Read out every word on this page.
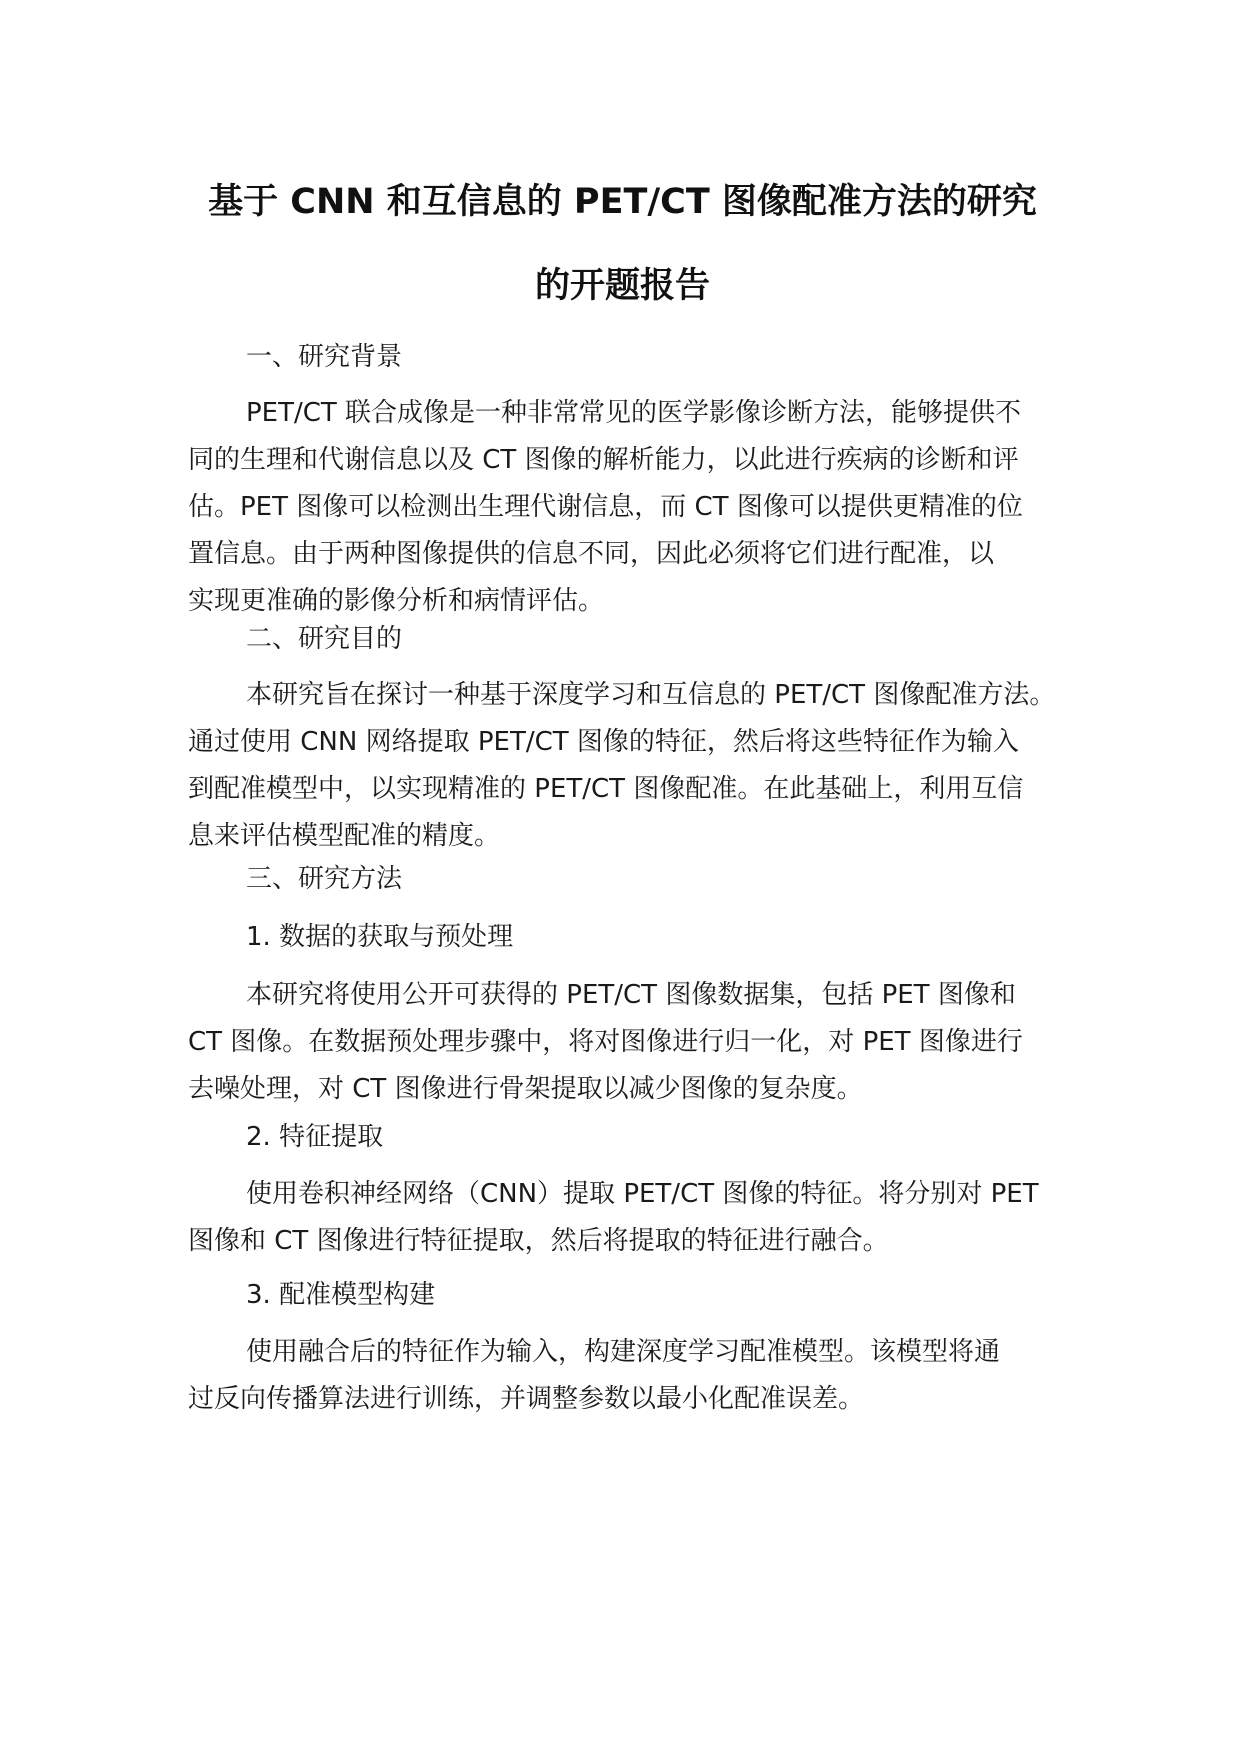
基于 CNN 和互信息的 PET/CT 图像配准方法的研究
的开题报告
一、研究背景
PET/CT 联合成像是一种非常常见的医学影像诊断方法，能够提供不
同的生理和代谢信息以及 CT 图像的解析能力，以此进行疾病的诊断和评
估。PET 图像可以检测出生理代谢信息，而 CT 图像可以提供更精准的位
置信息。由于两种图像提供的信息不同，因此必须将它们进行配准，以
实现更准确的影像分析和病情评估。
二、研究目的
本研究旨在探讨一种基于深度学习和互信息的 PET/CT 图像配准方法。
通过使用 CNN 网络提取 PET/CT 图像的特征，然后将这些特征作为输入
到配准模型中，以实现精准的 PET/CT 图像配准。在此基础上，利用互信
息来评估模型配准的精度。
三、研究方法
1. 数据的获取与预处理
本研究将使用公开可获得的 PET/CT 图像数据集，包括 PET 图像和
CT 图像。在数据预处理步骤中，将对图像进行归一化，对 PET 图像进行
去噪处理，对 CT 图像进行骨架提取以减少图像的复杂度。
2. 特征提取
使用卷积神经网络（CNN）提取 PET/CT 图像的特征。将分别对 PET
图像和 CT 图像进行特征提取，然后将提取的特征进行融合。
3. 配准模型构建
使用融合后的特征作为输入，构建深度学习配准模型。该模型将通
过反向传播算法进行训练，并调整参数以最小化配准误差。
